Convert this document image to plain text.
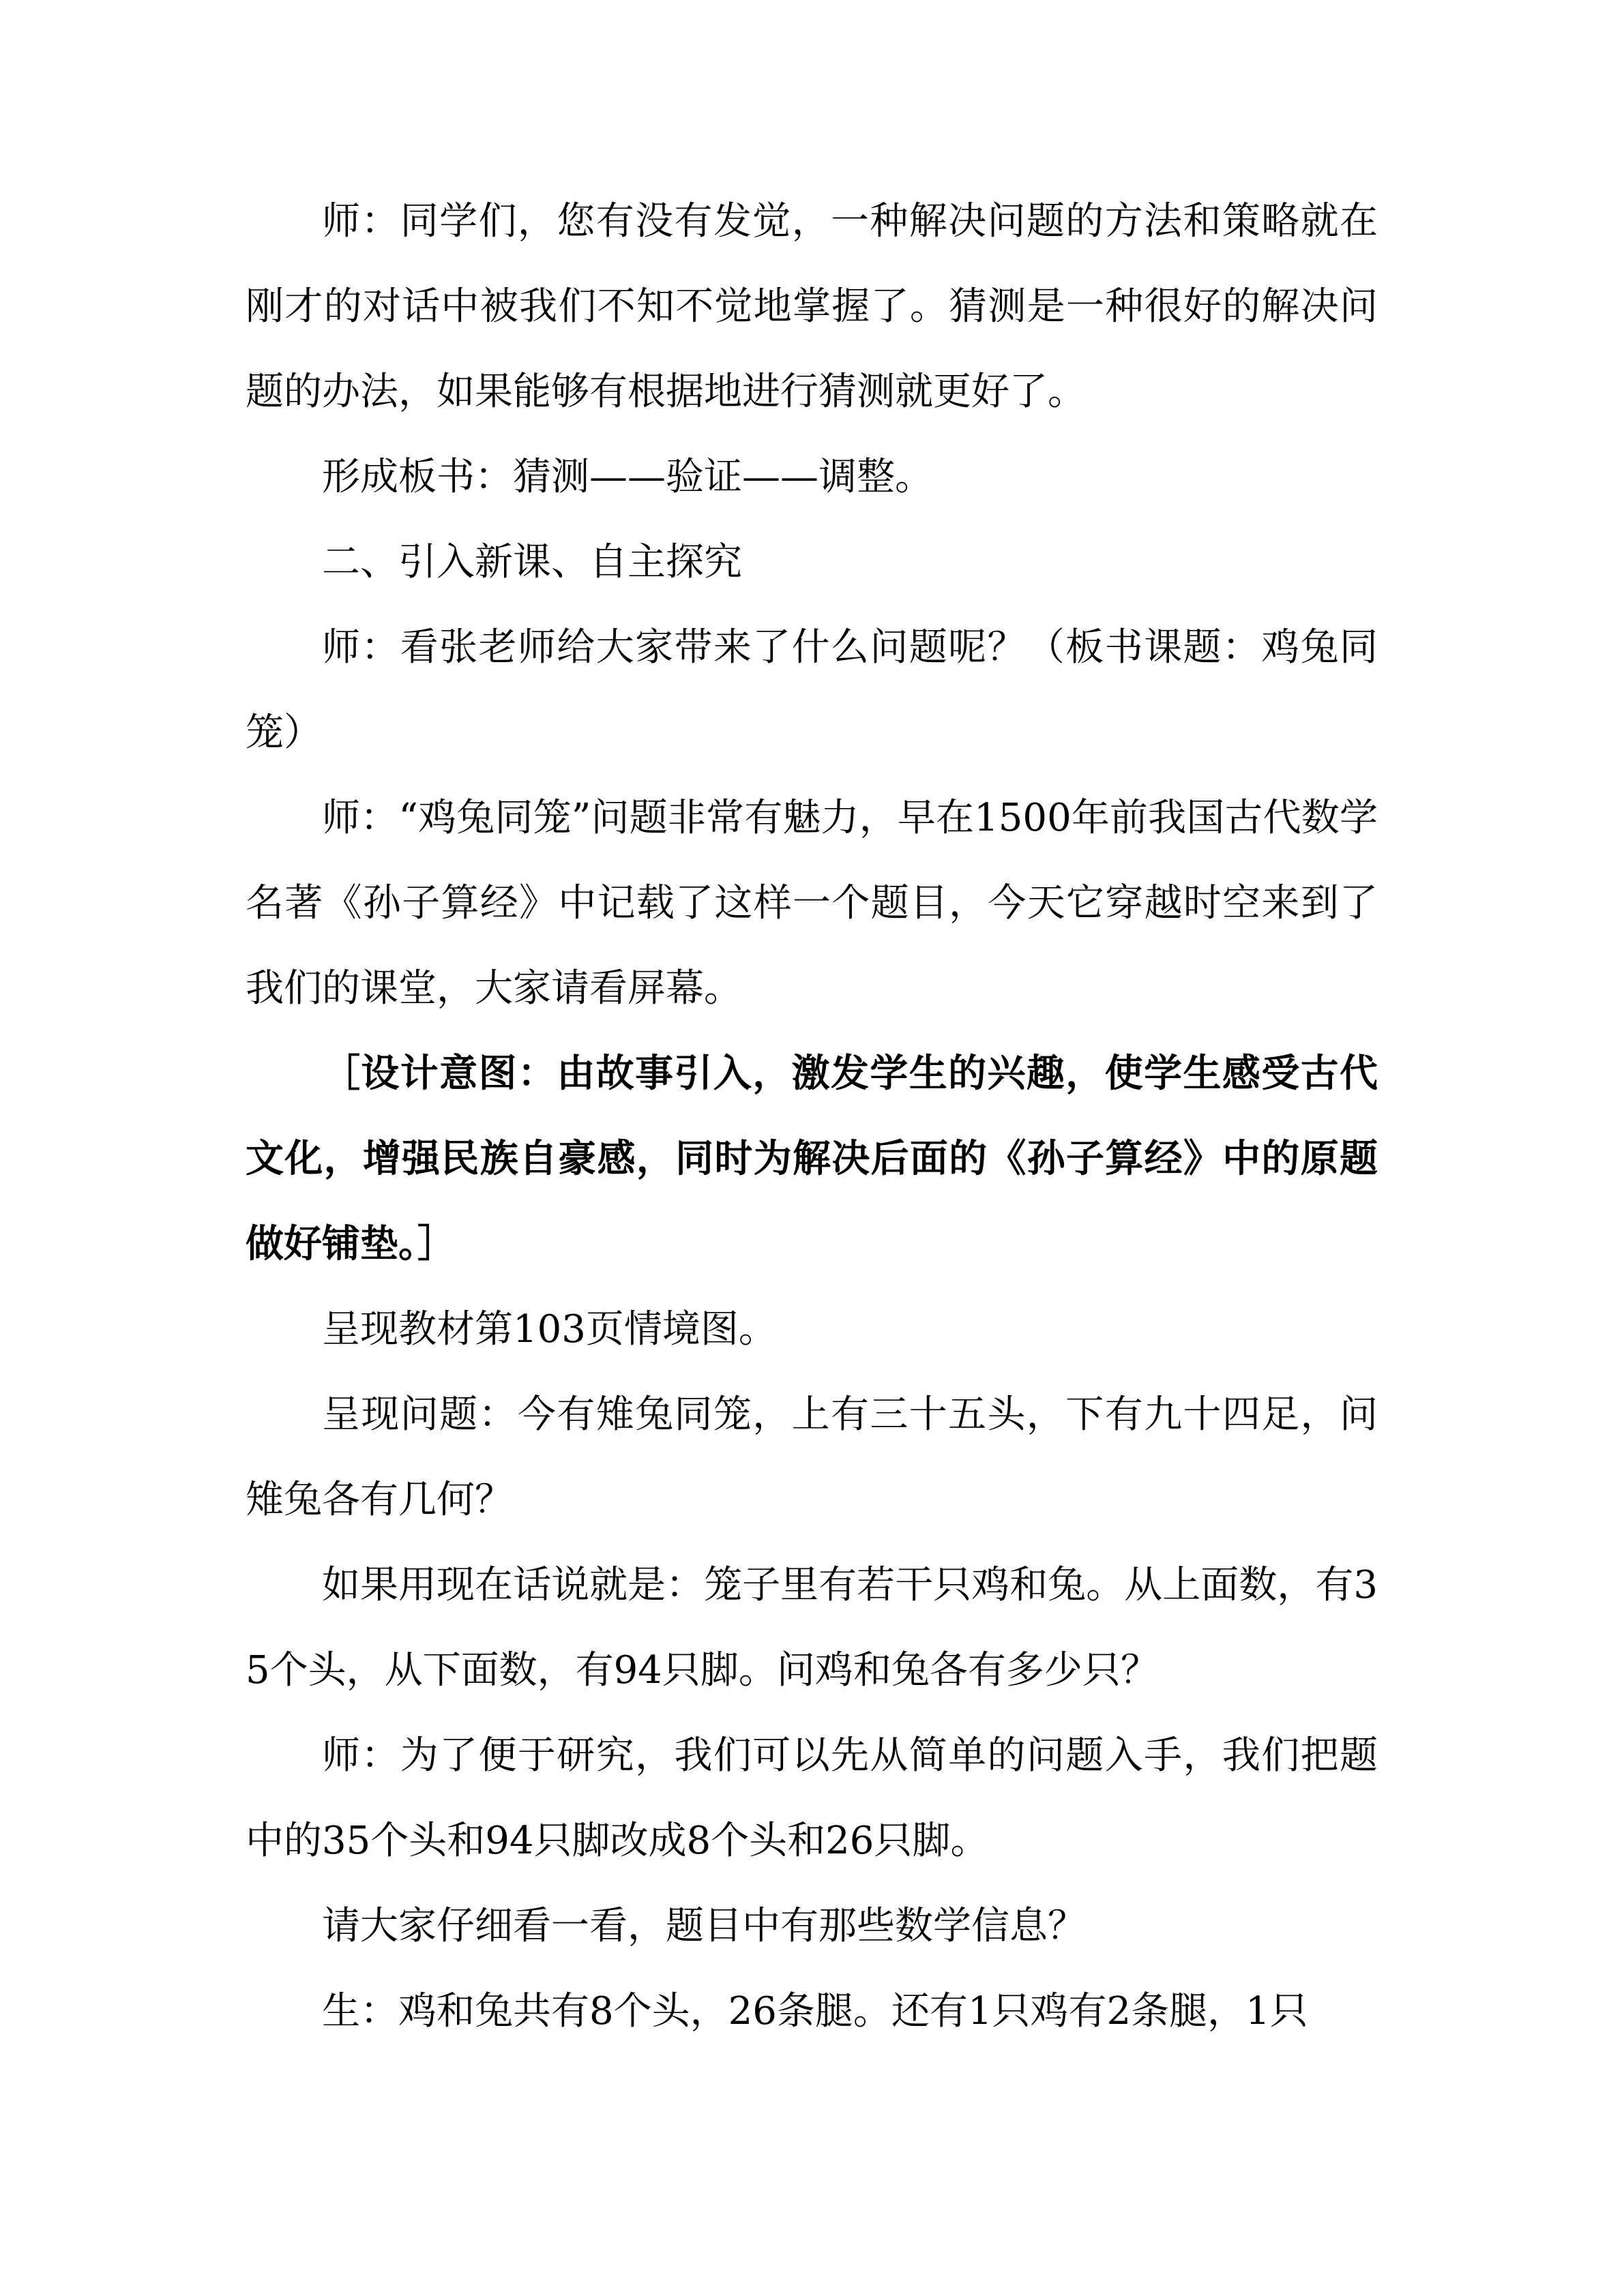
师：同学们，您有没有发觉，一种解决问题的方法和策略就在刚才的对话中被我们不知不觉地掌握了。猜测是一种很好的解决问题的办法，如果能够有根据地进行猜测就更好了。

形成板书：猜测——验证——调整。

二、引入新课、自主探究

师：看张老师给大家带来了什么问题呢？（板书课题：鸡兔同笼）

师：“鸡兔同笼”问题非常有魅力，早在1500年前我国古代数学名著《孙子算经》中记载了这样一个题目，今天它穿越时空来到了我们的课堂，大家请看屏幕。

［设计意图：由故事引入，激发学生的兴趣，使学生感受古代文化，增强民族自豪感，同时为解决后面的《孙子算经》中的原题做好铺垫。］

呈现教材第103页情境图。

呈现问题：今有雉兔同笼，上有三十五头，下有九十四足，问雉兔各有几何？

如果用现在话说就是：笼子里有若干只鸡和兔。从上面数，有35个头，从下面数，有94只脚。问鸡和兔各有多少只？

师：为了便于研究，我们可以先从简单的问题入手，我们把题中的35个头和94只脚改成8个头和26只脚。

请大家仔细看一看，题目中有那些数学信息？

生：鸡和兔共有8个头，26条腿。还有1只鸡有2条腿，1只
